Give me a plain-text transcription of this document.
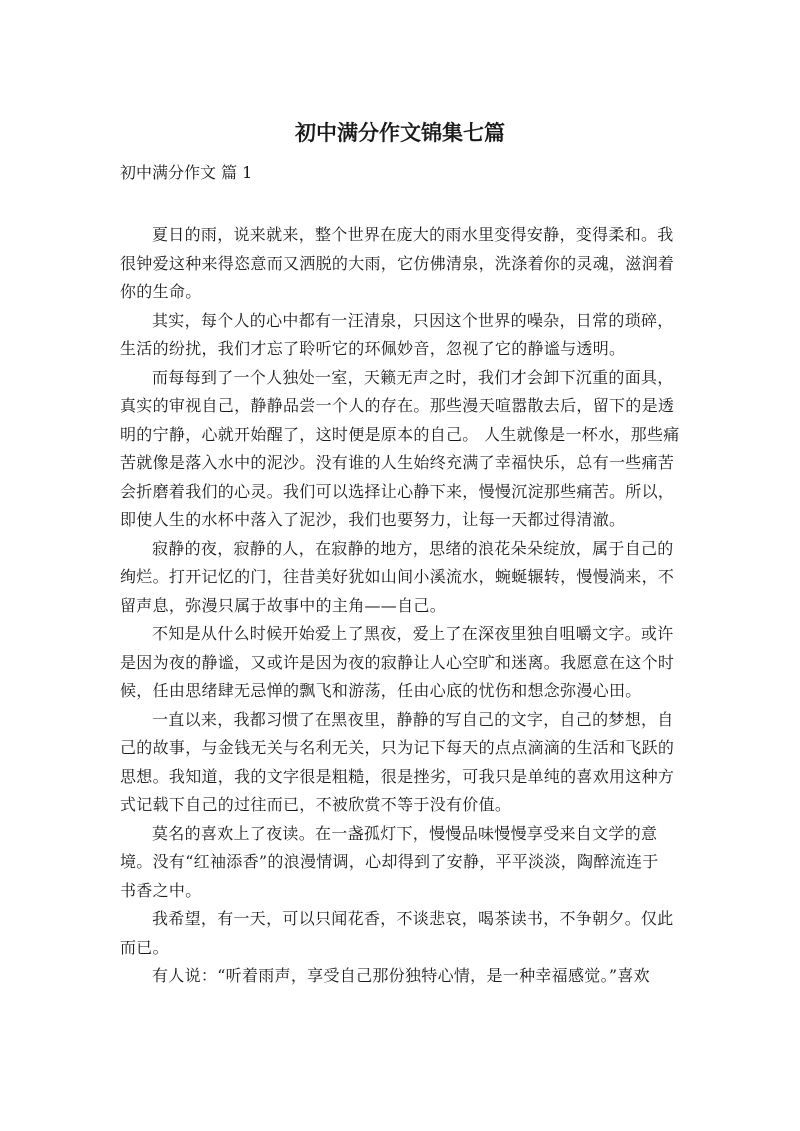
初中满分作文锦集七篇
初中满分作文 篇 1

夏日的雨，说来就来，整个世界在庞大的雨水里变得安静，变得柔和。我
很钟爱这种来得恣意而又洒脱的大雨，它仿佛清泉，洗涤着你的灵魂，滋润着
你的生命。

其实，每个人的心中都有一汪清泉，只因这个世界的噪杂，日常的琐碎，
生活的纷扰，我们才忘了聆听它的环佩妙音，忽视了它的静谧与透明。

而每每到了一个人独处一室，天籁无声之时，我们才会卸下沉重的面具，
真实的审视自己，静静品尝一个人的存在。那些漫天喧嚣散去后，留下的是透
明的宁静，心就开始醒了，这时便是原本的自己。 人生就像是一杯水，那些痛
苦就像是落入水中的泥沙。没有谁的人生始终充满了幸福快乐，总有一些痛苦
会折磨着我们的心灵。我们可以选择让心静下来，慢慢沉淀那些痛苦。所以，
即使人生的水杯中落入了泥沙，我们也要努力，让每一天都过得清澈。

寂静的夜，寂静的人，在寂静的地方，思绪的浪花朵朵绽放，属于自己的
绚烂。打开记忆的门，往昔美好犹如山间小溪流水，蜿蜒辗转，慢慢淌来，不
留声息，弥漫只属于故事中的主角——自己。

不知是从什么时候开始爱上了黑夜，爱上了在深夜里独自咀嚼文字。或许
是因为夜的静谧，又或许是因为夜的寂静让人心空旷和迷离。我愿意在这个时
候，任由思绪肆无忌惮的飘飞和游荡，任由心底的忧伤和想念弥漫心田。

一直以来，我都习惯了在黑夜里，静静的写自己的文字，自己的梦想，自
己的故事，与金钱无关与名利无关，只为记下每天的点点滴滴的生活和飞跃的
思想。我知道，我的文字很是粗糙，很是挫劣，可我只是单纯的喜欢用这种方
式记载下自己的过往而已，不被欣赏不等于没有价值。

莫名的喜欢上了夜读。在一盏孤灯下，慢慢品味慢慢享受来自文学的意
境。没有“红袖添香”的浪漫情调，心却得到了安静，平平淡淡，陶醉流连于
书香之中。

我希望，有一天，可以只闻花香，不谈悲哀，喝茶读书，不争朝夕。仅此
而已。

有人说：“听着雨声，享受自己那份独特心情，是一种幸福感觉。”喜欢
